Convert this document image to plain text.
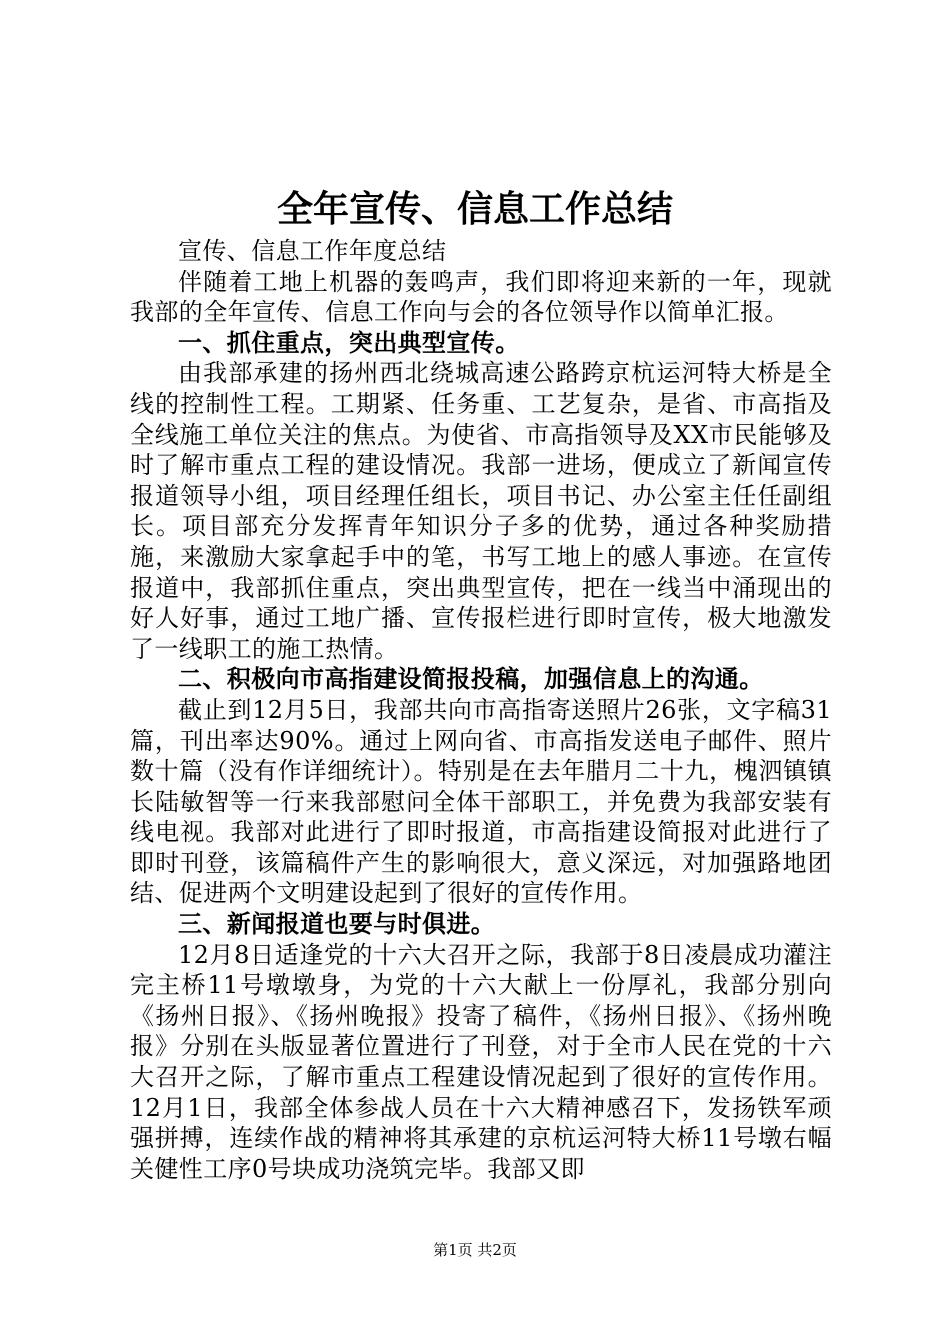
全年宣传、信息工作总结

宣传、信息工作年度总结

伴随着工地上机器的轰鸣声，我们即将迎来新的一年，现就我部的全年宣传、信息工作向与会的各位领导作以简单汇报。

一、抓住重点，突出典型宣传。

由我部承建的扬州西北绕城高速公路跨京杭运河特大桥是全线的控制性工程。工期紧、任务重、工艺复杂，是省、市高指及全线施工单位关注的焦点。为使省、市高指领导及XX市民能够及时了解市重点工程的建设情况。我部一进场，便成立了新闻宣传报道领导小组，项目经理任组长，项目书记、办公室主任任副组长。项目部充分发挥青年知识分子多的优势，通过各种奖励措施，来激励大家拿起手中的笔，书写工地上的感人事迹。在宣传报道中，我部抓住重点，突出典型宣传，把在一线当中涌现出的好人好事，通过工地广播、宣传报栏进行即时宣传，极大地激发了一线职工的施工热情。

二、积极向市高指建设简报投稿，加强信息上的沟通。

截止到12月5日，我部共向市高指寄送照片26张，文字稿31篇，刊出率达90%。通过上网向省、市高指发送电子邮件、照片数十篇（没有作详细统计）。特别是在去年腊月二十九，槐泗镇镇长陆敏智等一行来我部慰问全体干部职工，并免费为我部安装有线电视。我部对此进行了即时报道，市高指建设简报对此进行了即时刊登，该篇稿件产生的影响很大，意义深远，对加强路地团结、促进两个文明建设起到了很好的宣传作用。

三、新闻报道也要与时俱进。

12月8日适逢党的十六大召开之际，我部于8日凌晨成功灌注完主桥11号墩墩身，为党的十六大献上一份厚礼，我部分别向《扬州日报》、《扬州晚报》投寄了稿件，《扬州日报》、《扬州晚报》分别在头版显著位置进行了刊登，对于全市人民在党的十六大召开之际，了解市重点工程建设情况起到了很好的宣传作用。12月1日，我部全体参战人员在十六大精神感召下，发扬铁军顽强拼搏，连续作战的精神将其承建的京杭运河特大桥11号墩右幅关健性工序0号块成功浇筑完毕。我部又即

第1页 共2页
